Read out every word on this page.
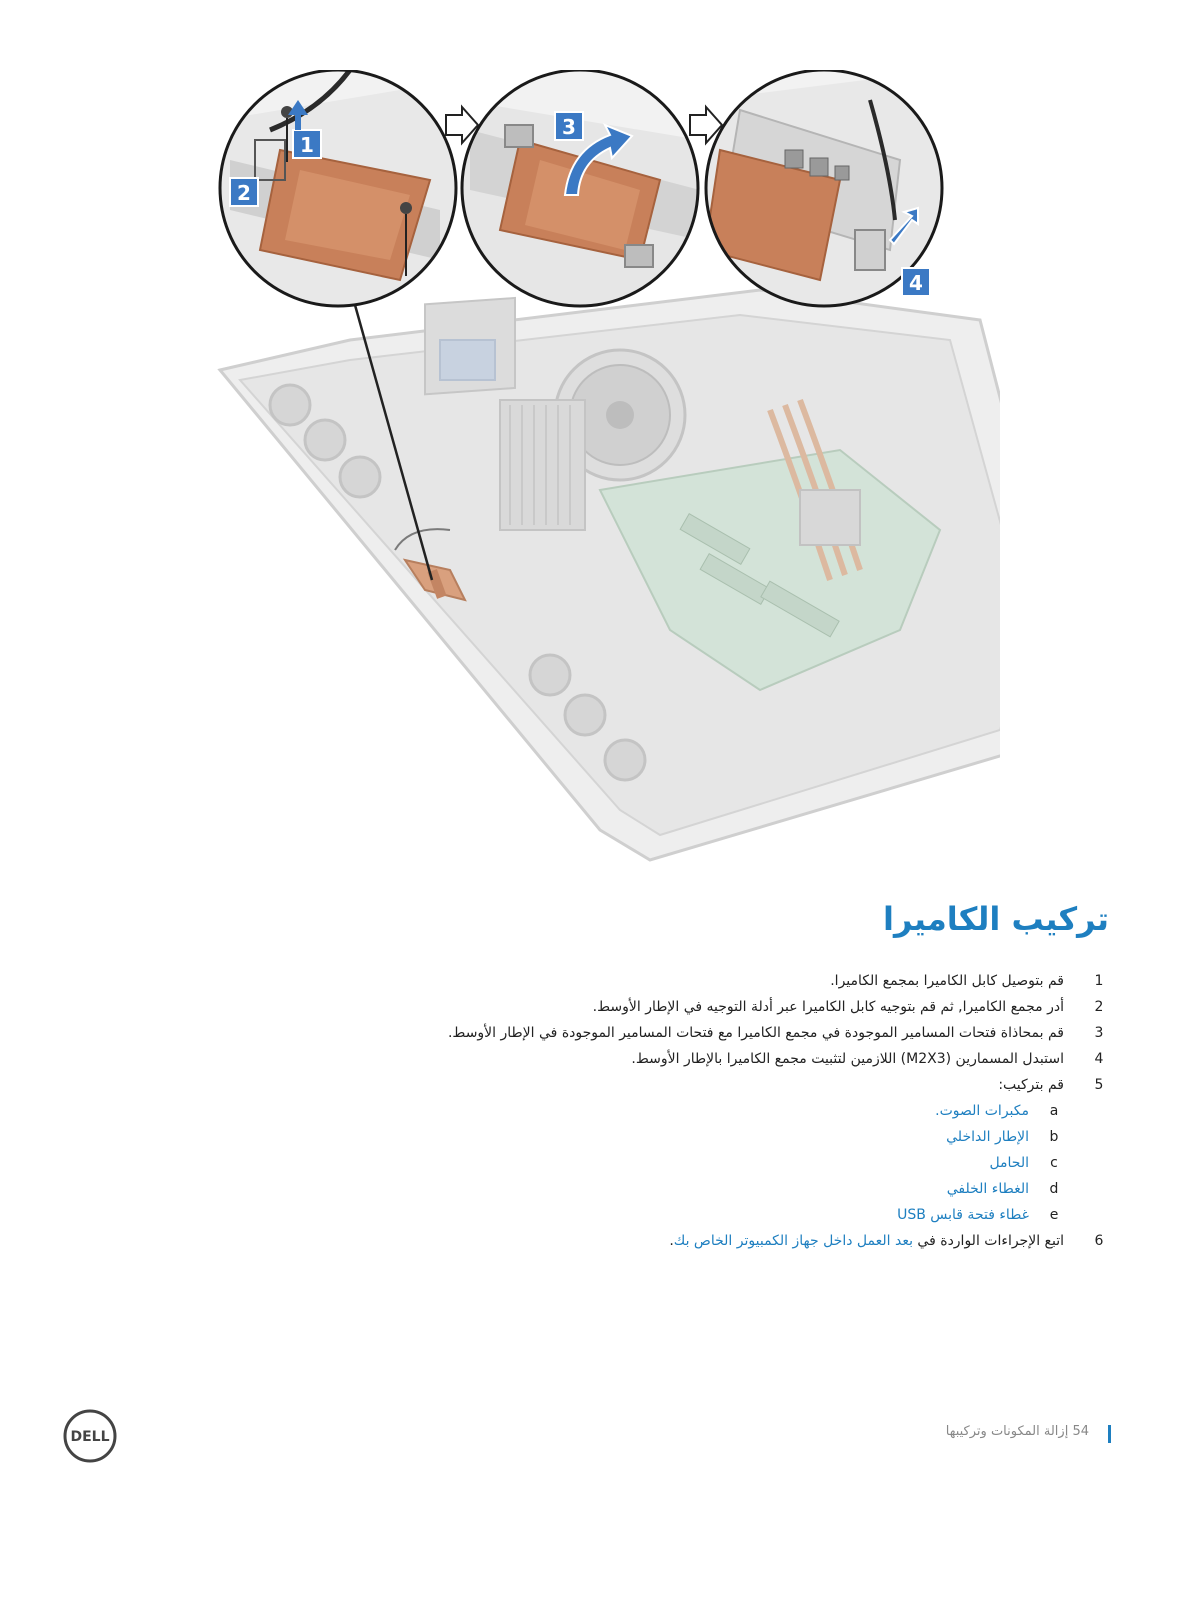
1
2
3
4
تركيب الكاميرا
1
قم بتوصيل كابل الكاميرا بمجمع الكاميرا.
2
أدر مجمع الكاميرا, ثم قم بتوجيه كابل الكاميرا عبر أدلة التوجيه في الإطار الأوسط.
3
قم بمحاذاة فتحات المسامير الموجودة في مجمع الكاميرا مع فتحات المسامير الموجودة في الإطار الأوسط.
4
استبدل المسمارين (M2X3) اللازمين لتثبيت مجمع الكاميرا بالإطار الأوسط.
5
قم بتركيب:
a
مكبرات الصوت.
b
الإطار الداخلي
c
الحامل
d
الغطاء الخلفي
e
غطاء فتحة قابس USB
6
اتبع الإجراءات الواردة في بعد العمل داخل جهاز الكمبيوتر الخاص بك.
54 إزالة المكونات وتركيبها
DELL
